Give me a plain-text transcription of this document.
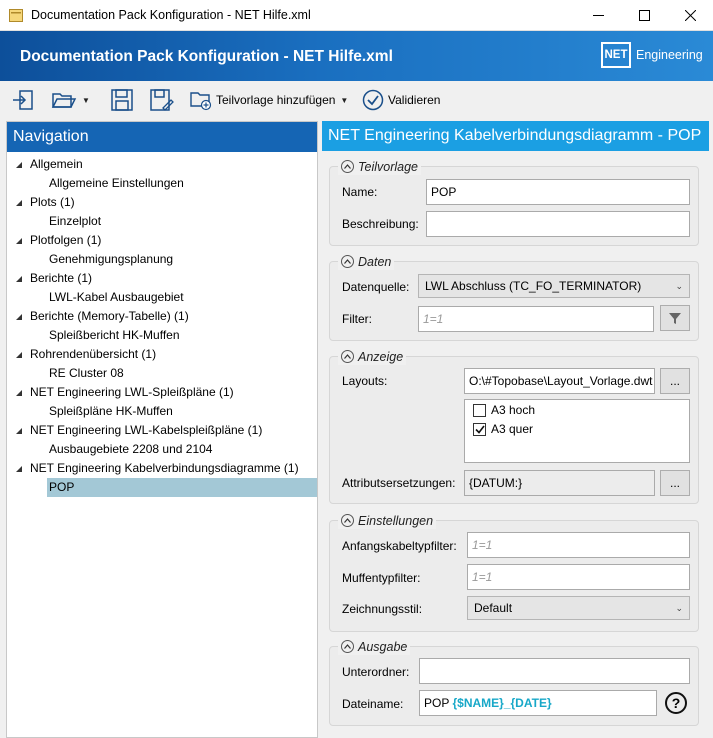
Documentation Pack Konfiguration - NET Hilfe.xml
Documentation Pack Konfiguration - NET Hilfe.xml	NET Engineering
▼	Teilvorlage hinzufügen ▼	Validieren
Navigation
Allgemein
Allgemeine Einstellungen
Plots (1)
Einzelplot
Plotfolgen (1)
Genehmigungsplanung
Berichte (1)
LWL-Kabel Ausbaugebiet
Berichte (Memory-Tabelle) (1)
Spleißbericht HK-Muffen
Rohrendenübersicht (1)
RE Cluster 08
NET Engineering LWL-Spleißpläne (1)
Spleißpläne HK-Muffen
NET Engineering LWL-Kabelspleißpläne (1)
Ausbaugebiete 2208 und 2104
NET Engineering Kabelverbindungsdiagramme (1)
POP
NET Engineering Kabelverbindungsdiagramm - POP
Teilvorlage
Name:	POP
Beschreibung:
Daten
Datenquelle:	LWL Abschluss (TC_FO_TERMINATOR)	⌄
Filter:	1=1
Anzeige
Layouts:	O:\#Topobase\Layout_Vorlage.dwt	...
A3 hoch
A3 quer
Attributsersetzungen:	{DATUM:}	...
Einstellungen
Anfangskabeltypfilter:	1=1
Muffentypfilter:	1=1
Zeichnungsstil:	Default	⌄
Ausgabe
Unterordner:
Dateiname:	POP {$NAME}_{DATE}	?
